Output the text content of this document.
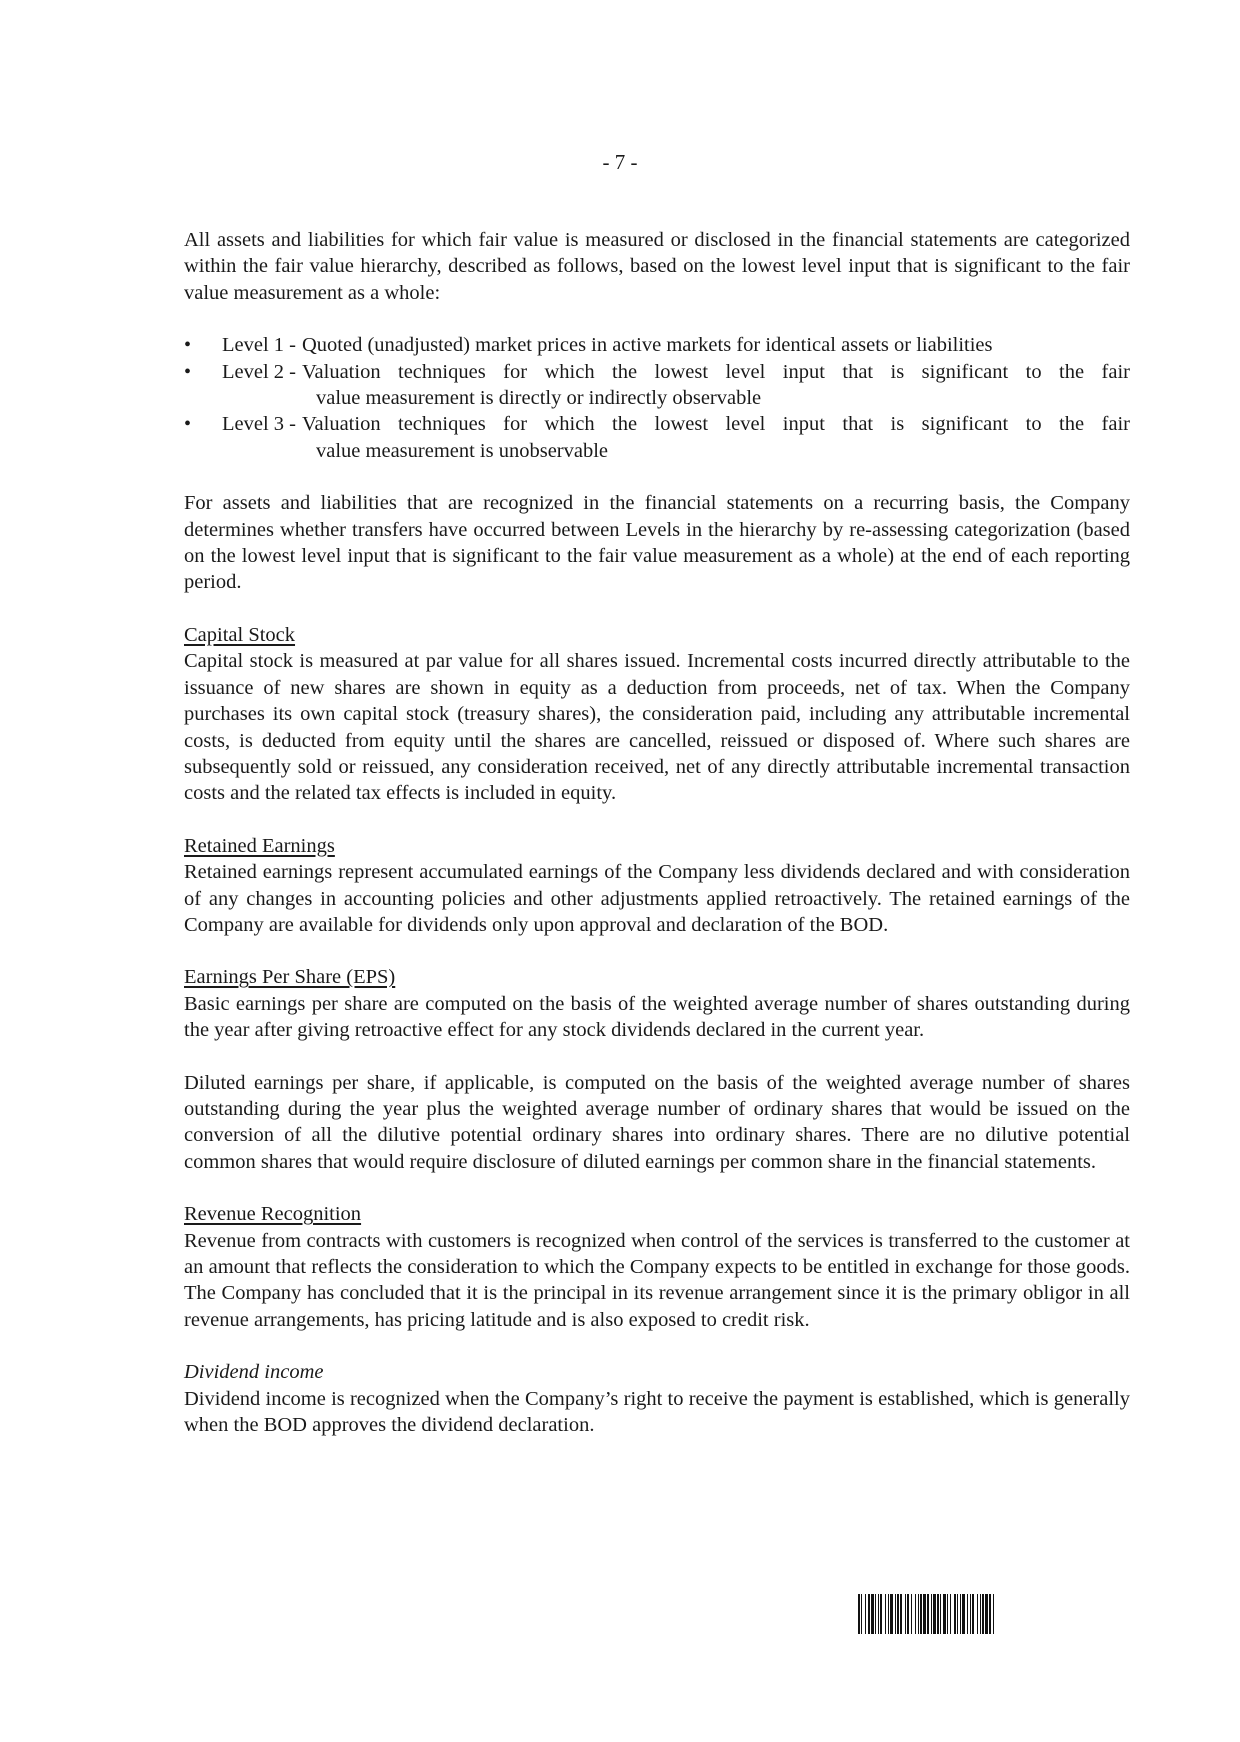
- 7 -

All assets and liabilities for which fair value is measured or disclosed in the financial statements are categorized within the fair value hierarchy, described as follows, based on the lowest level input that is significant to the fair value measurement as a whole:

• Level 1 - Quoted (unadjusted) market prices in active markets for identical assets or liabilities
• Level 2 - Valuation techniques for which the lowest level input that is significant to the fair
value measurement is directly or indirectly observable
• Level 3 - Valuation techniques for which the lowest level input that is significant to the fair
value measurement is unobservable

For assets and liabilities that are recognized in the financial statements on a recurring basis, the Company determines whether transfers have occurred between Levels in the hierarchy by re-assessing categorization (based on the lowest level input that is significant to the fair value measurement as a whole) at the end of each reporting period.

Capital Stock

Capital stock is measured at par value for all shares issued. Incremental costs incurred directly attributable to the issuance of new shares are shown in equity as a deduction from proceeds, net of tax. When the Company purchases its own capital stock (treasury shares), the consideration paid, including any attributable incremental costs, is deducted from equity until the shares are cancelled, reissued or disposed of. Where such shares are subsequently sold or reissued, any consideration received, net of any directly attributable incremental transaction costs and the related tax effects is included in equity.

Retained Earnings

Retained earnings represent accumulated earnings of the Company less dividends declared and with consideration of any changes in accounting policies and other adjustments applied retroactively. The retained earnings of the Company are available for dividends only upon approval and declaration of the BOD.

Earnings Per Share (EPS)

Basic earnings per share are computed on the basis of the weighted average number of shares outstanding during the year after giving retroactive effect for any stock dividends declared in the current year.

Diluted earnings per share, if applicable, is computed on the basis of the weighted average number of shares outstanding during the year plus the weighted average number of ordinary shares that would be issued on the conversion of all the dilutive potential ordinary shares into ordinary shares. There are no dilutive potential common shares that would require disclosure of diluted earnings per common share in the financial statements.

Revenue Recognition

Revenue from contracts with customers is recognized when control of the services is transferred to the customer at an amount that reflects the consideration to which the Company expects to be entitled in exchange for those goods. The Company has concluded that it is the principal in its revenue arrangement since it is the primary obligor in all revenue arrangements, has pricing latitude and is also exposed to credit risk.

Dividend income

Dividend income is recognized when the Company’s right to receive the payment is established, which is generally when the BOD approves the dividend declaration.
